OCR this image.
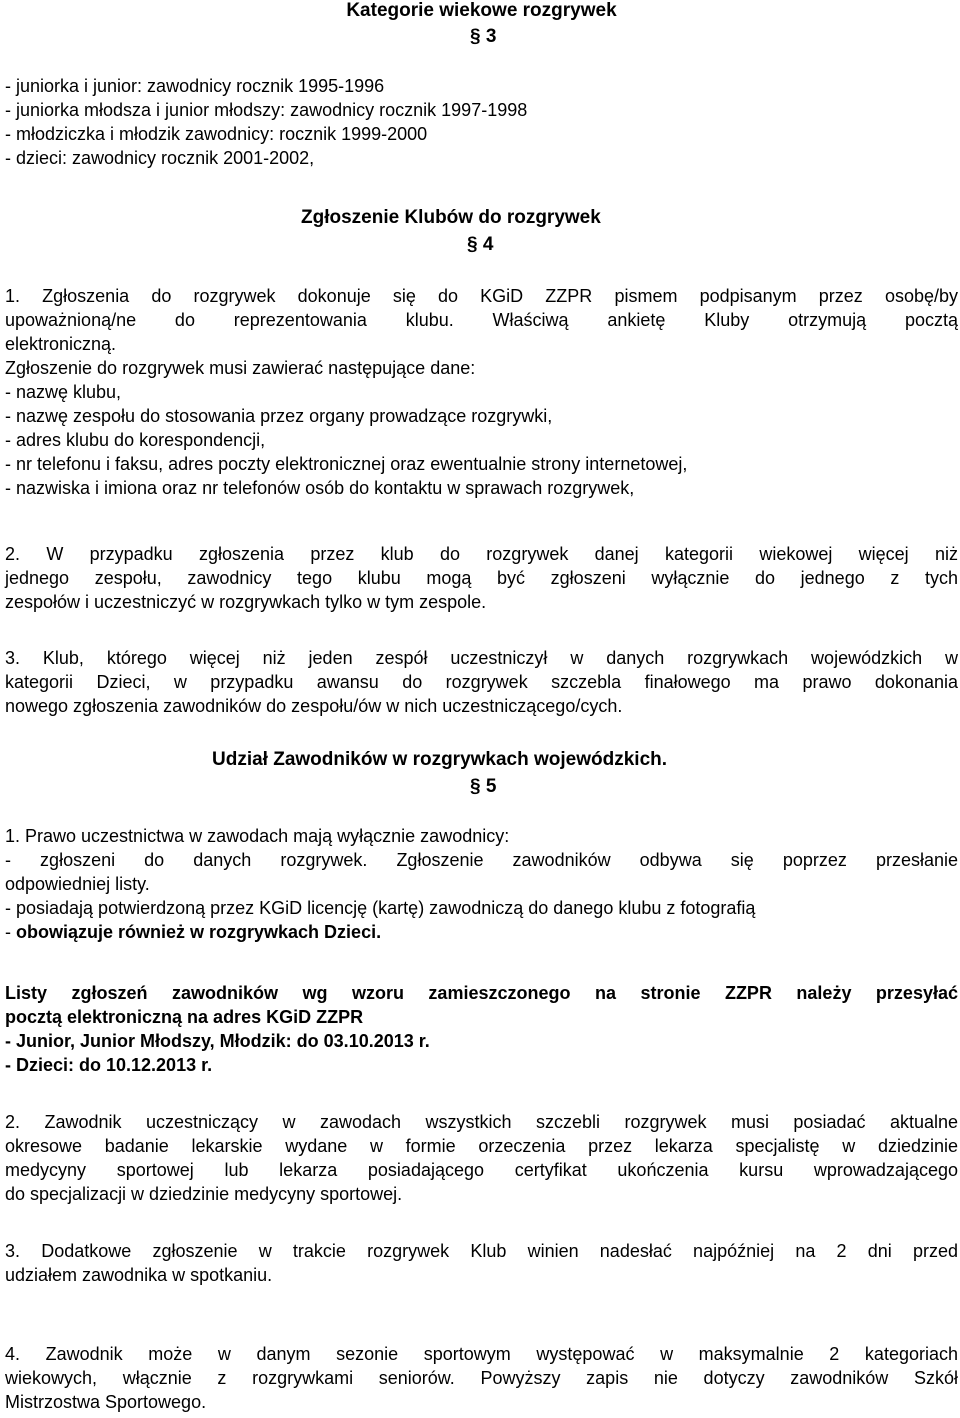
Kategorie wiekowe rozgrywek
§ 3
- juniorka i junior: zawodnicy rocznik 1995-1996
- juniorka młodsza i junior młodszy: zawodnicy rocznik 1997-1998
- młodziczka i młodzik zawodnicy: rocznik 1999-2000
- dzieci: zawodnicy rocznik 2001-2002,
Zgłoszenie Klubów do rozgrywek
§ 4
1. Zgłoszenia do rozgrywek dokonuje się do KGiD ZZPR pismem podpisanym przez osobę/by
upoważnioną/ne do reprezentowania klubu. Właściwą ankietę Kluby otrzymują pocztą
elektroniczną.
Zgłoszenie do rozgrywek musi zawierać następujące dane:
- nazwę klubu,
- nazwę zespołu do stosowania przez organy prowadzące rozgrywki,
- adres klubu do korespondencji,
- nr telefonu i faksu, adres poczty elektronicznej oraz ewentualnie strony internetowej,
- nazwiska i imiona oraz nr telefonów osób do kontaktu w sprawach rozgrywek,
2. W przypadku zgłoszenia przez klub do rozgrywek danej kategorii wiekowej więcej niż
jednego zespołu, zawodnicy tego klubu mogą być zgłoszeni wyłącznie do jednego z tych
zespołów i uczestniczyć w rozgrywkach tylko w tym zespole.
3. Klub, którego więcej niż jeden zespół uczestniczył w danych rozgrywkach wojewódzkich w
kategorii Dzieci, w przypadku awansu do rozgrywek szczebla finałowego ma prawo dokonania
nowego zgłoszenia zawodników do zespołu/ów w nich uczestniczącego/cych.
Udział Zawodników w rozgrywkach wojewódzkich.
§ 5
1. Prawo uczestnictwa w zawodach mają wyłącznie zawodnicy:
- zgłoszeni do danych rozgrywek. Zgłoszenie zawodników odbywa się poprzez przesłanie
odpowiedniej listy.
- posiadają potwierdzoną przez KGiD licencję (kartę) zawodniczą do danego klubu z fotografią
- obowiązuje również w rozgrywkach Dzieci.
Listy zgłoszeń zawodników wg wzoru zamieszczonego na stronie ZZPR należy przesyłać
pocztą elektroniczną na adres KGiD ZZPR
- Junior, Junior Młodszy, Młodzik: do 03.10.2013 r.
- Dzieci: do 10.12.2013 r.
2. Zawodnik uczestniczący w zawodach wszystkich szczebli rozgrywek musi posiadać aktualne
okresowe badanie lekarskie wydane w formie orzeczenia przez lekarza specjalistę w dziedzinie
medycyny sportowej lub lekarza posiadającego certyfikat ukończenia kursu wprowadzającego
do specjalizacji w dziedzinie medycyny sportowej.
3. Dodatkowe zgłoszenie w trakcie rozgrywek Klub winien nadesłać najpóźniej na 2 dni przed
udziałem zawodnika w spotkaniu.
4. Zawodnik może w danym sezonie sportowym występować w maksymalnie 2 kategoriach
wiekowych, włącznie z rozgrywkami seniorów. Powyższy zapis nie dotyczy zawodników Szkół
Mistrzostwa Sportowego.
